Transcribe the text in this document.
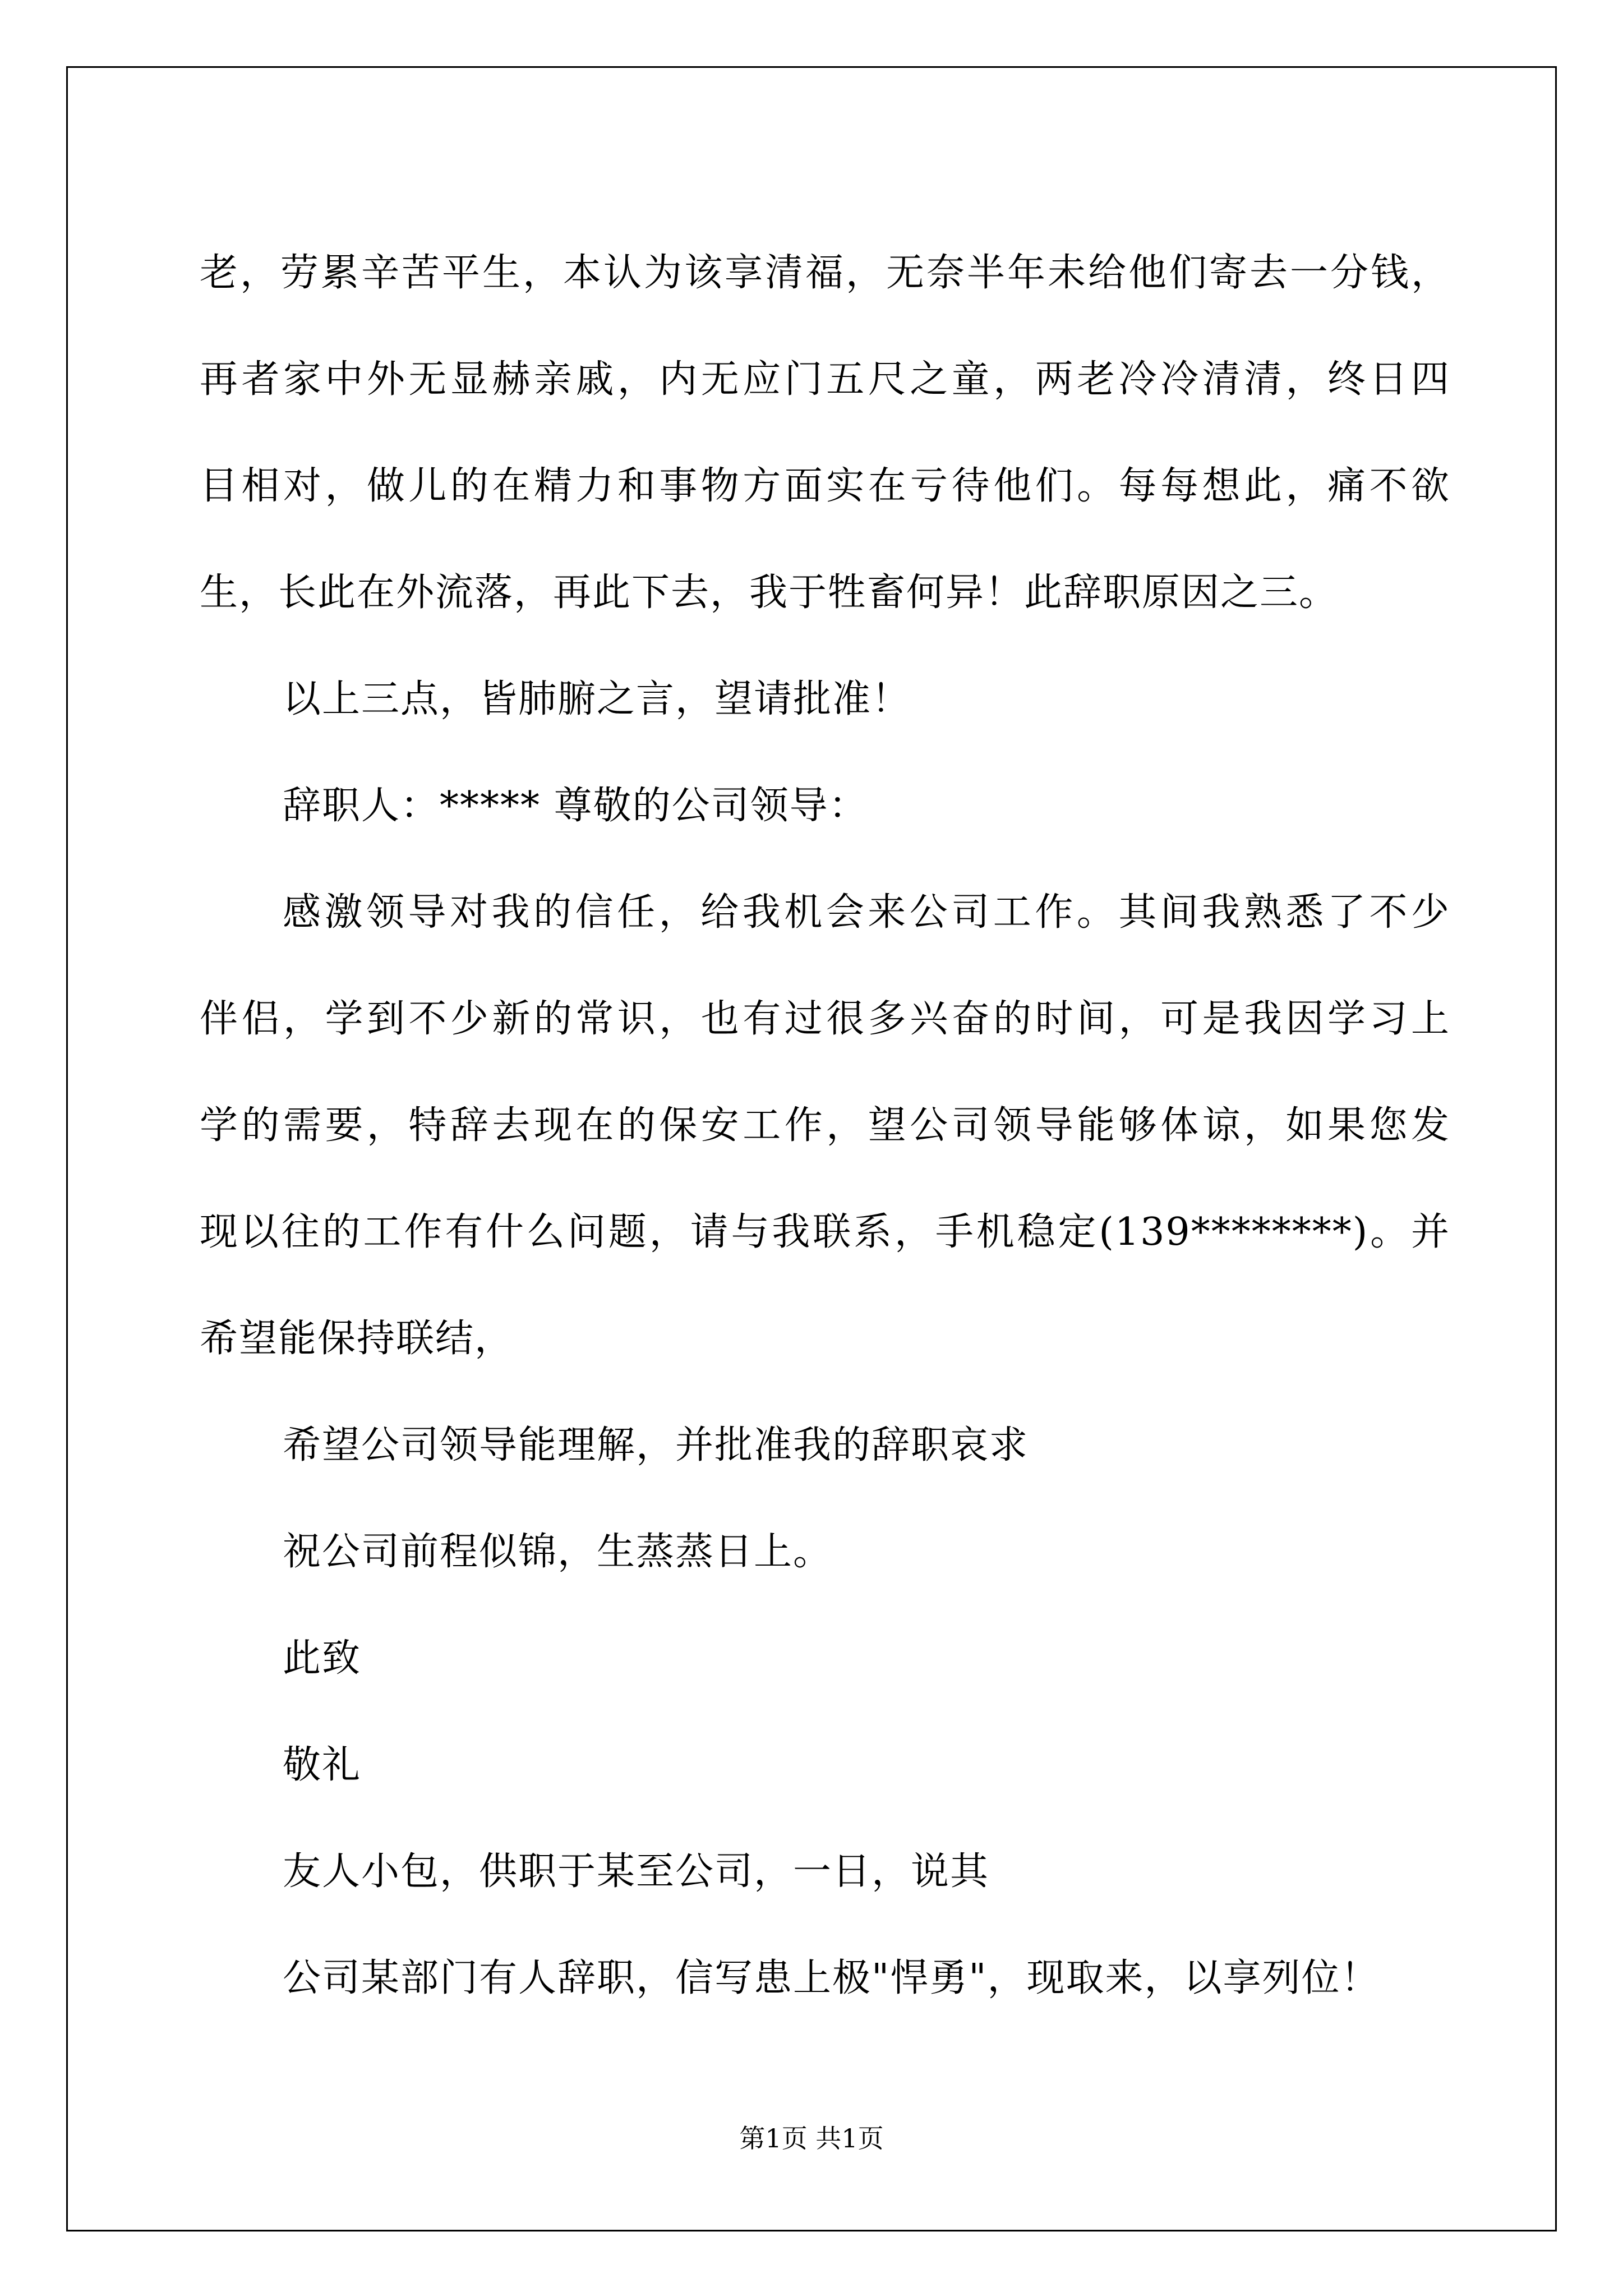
老，劳累辛苦平生，本认为该享清福，无奈半年未给他们寄去一分钱，
再者家中外无显赫亲戚，内无应门五尺之童，两老冷冷清清，终日四
目相对，做儿的在精力和事物方面实在亏待他们。每每想此，痛不欲
生，长此在外流落，再此下去，我于牲畜何异！此辞职原因之三。
以上三点，皆肺腑之言，望请批准！
辞职人：***** 尊敬的公司领导：
感激领导对我的信任，给我机会来公司工作。其间我熟悉了不少
伴侣，学到不少新的常识，也有过很多兴奋的时间，可是我因学习上
学的需要，特辞去现在的保安工作，望公司领导能够体谅，如果您发
现以往的工作有什么问题，请与我联系，手机稳定(139********)。并
希望能保持联结，
希望公司领导能理解，并批准我的辞职哀求
祝公司前程似锦，生蒸蒸日上。
此致
敬礼
友人小包，供职于某至公司，一日，说其
公司某部门有人辞职，信写患上极"悍勇"，现取来，以享列位！
第1页 共1页
